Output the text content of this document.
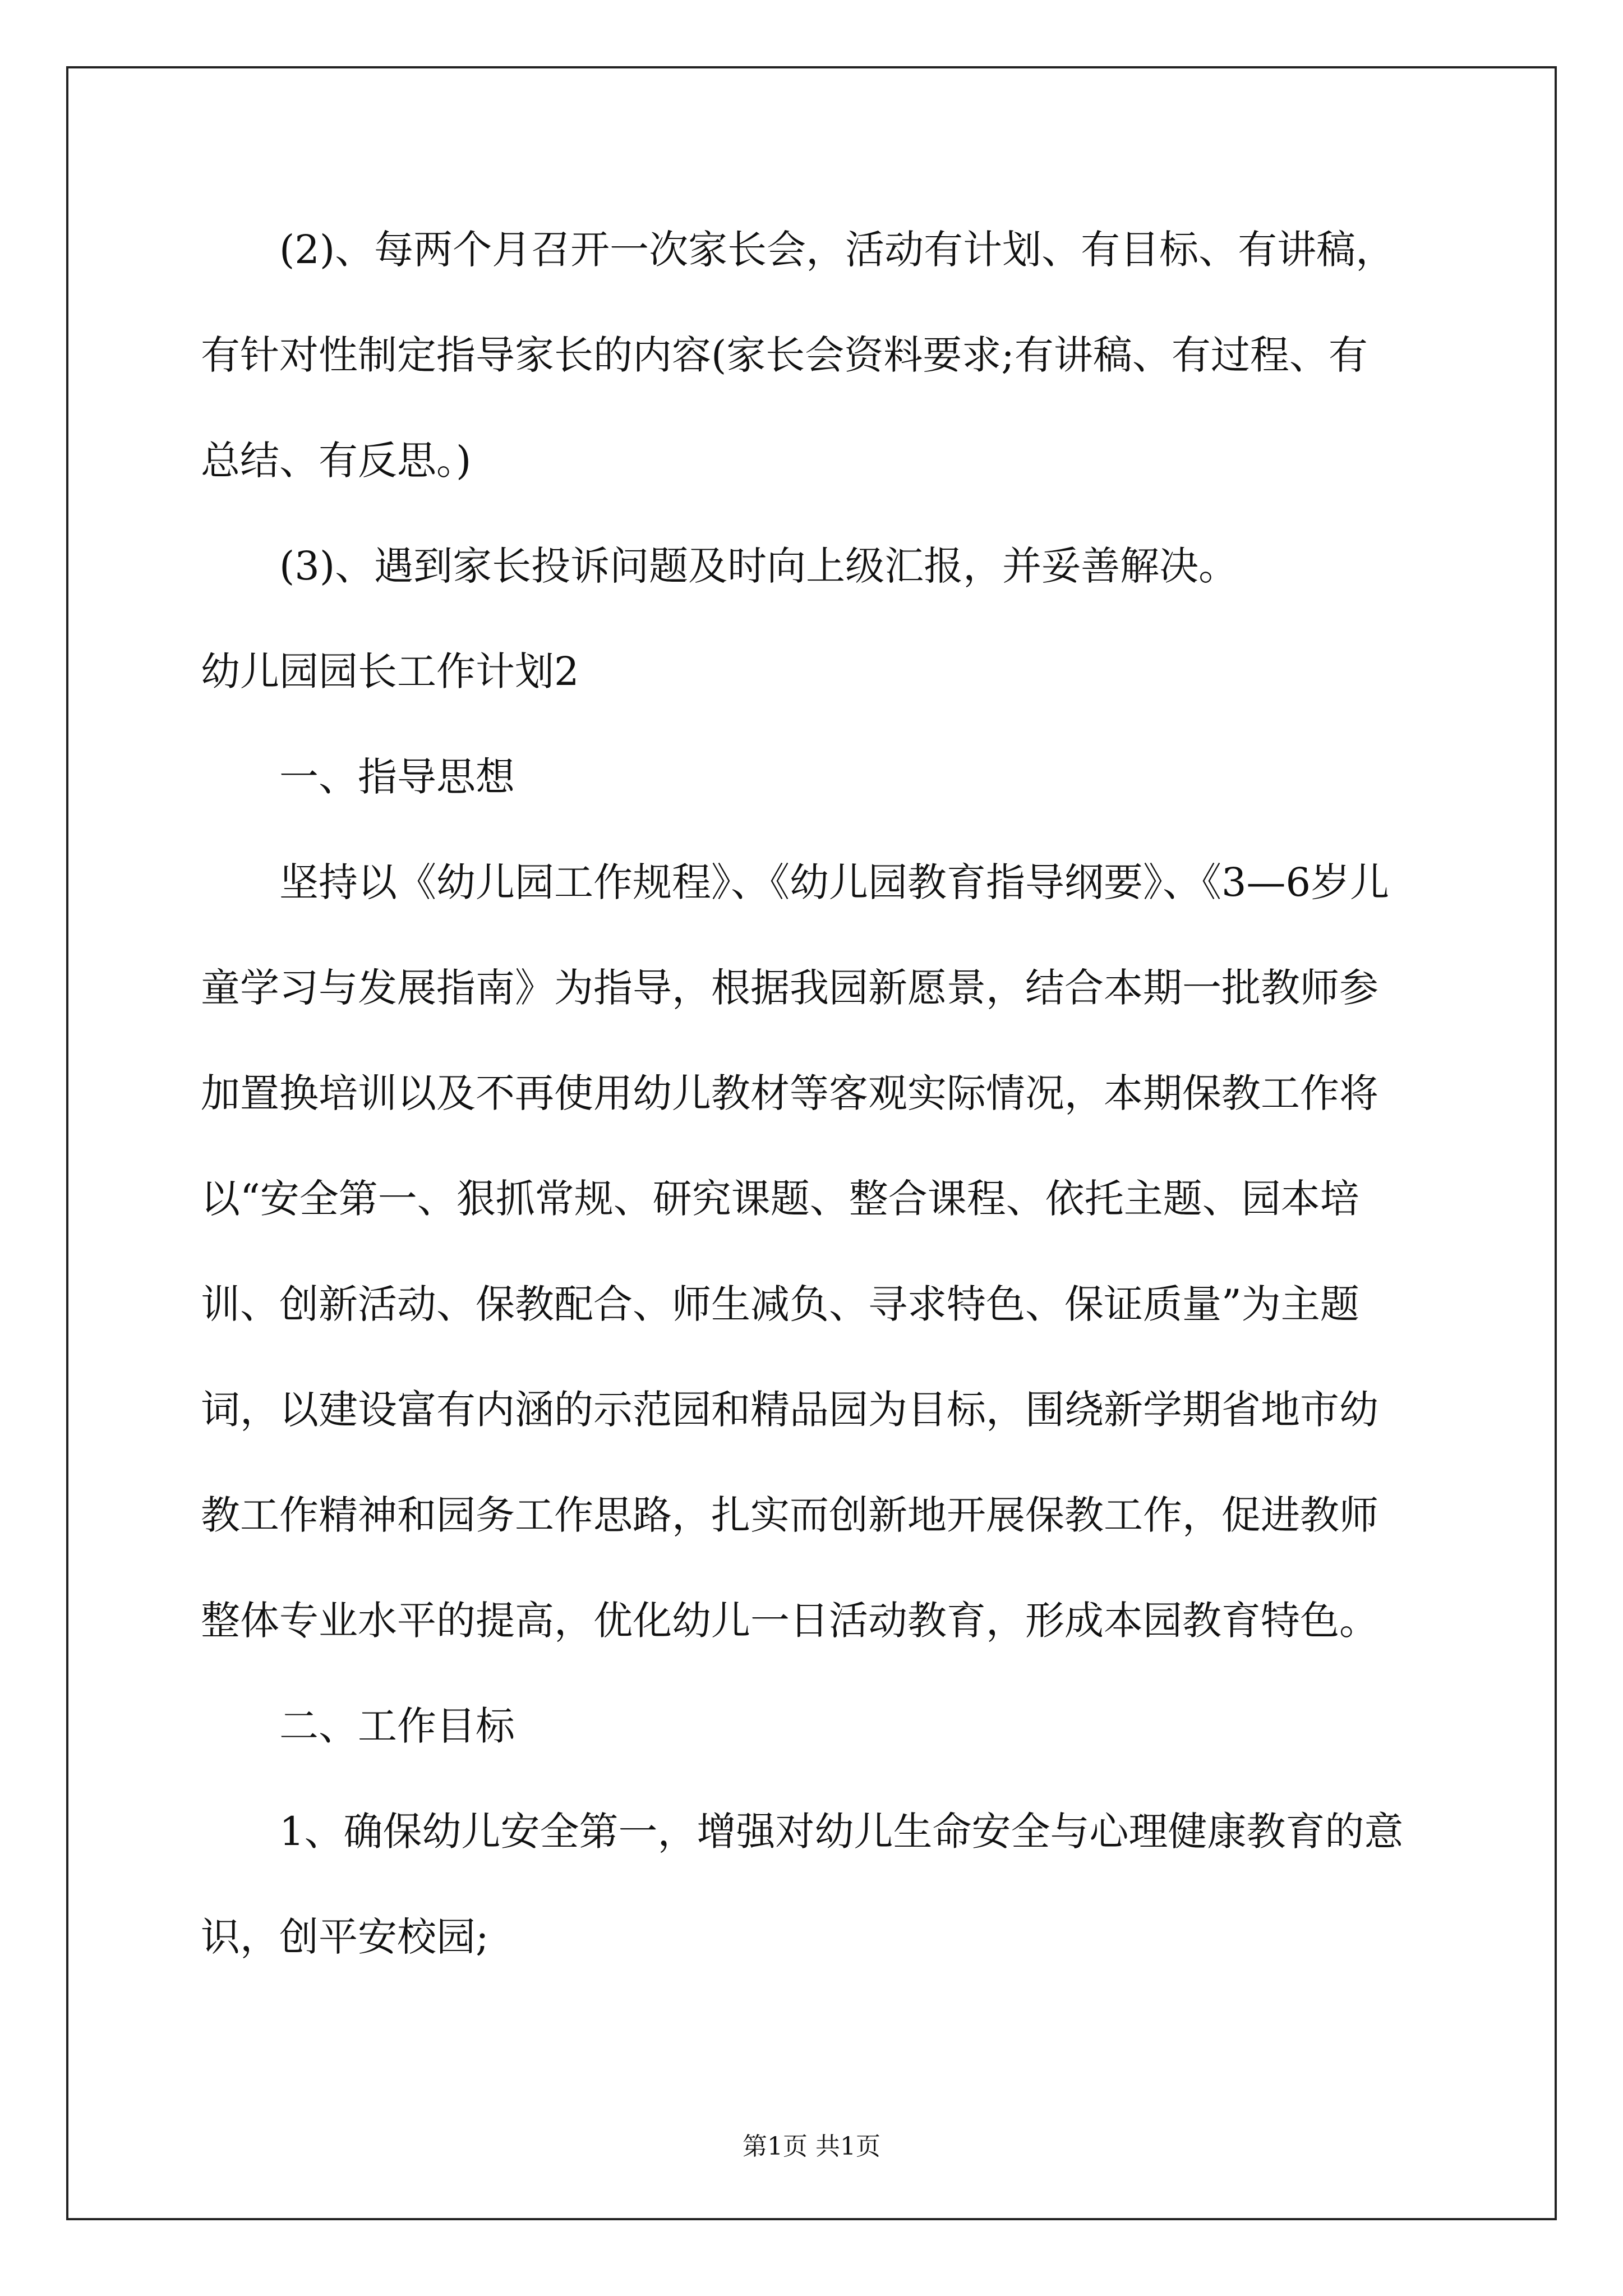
(2)、每两个月召开一次家长会，活动有计划、有目标、有讲稿，
有针对性制定指导家长的内容(家长会资料要求;有讲稿、有过程、有
总结、有反思。)
(3)、遇到家长投诉问题及时向上级汇报，并妥善解决。
幼儿园园长工作计划2
一、指导思想
坚持以《幼儿园工作规程》、《幼儿园教育指导纲要》、《3—6岁儿
童学习与发展指南》为指导，根据我园新愿景，结合本期一批教师参
加置换培训以及不再使用幼儿教材等客观实际情况，本期保教工作将
以“安全第一、狠抓常规、研究课题、整合课程、依托主题、园本培
训、创新活动、保教配合、师生减负、寻求特色、保证质量”为主题
词，以建设富有内涵的示范园和精品园为目标，围绕新学期省地市幼
教工作精神和园务工作思路，扎实而创新地开展保教工作，促进教师
整体专业水平的提高，优化幼儿一日活动教育，形成本园教育特色。
二、工作目标
1、确保幼儿安全第一，增强对幼儿生命安全与心理健康教育的意
识，创平安校园;
第1页 共1页
